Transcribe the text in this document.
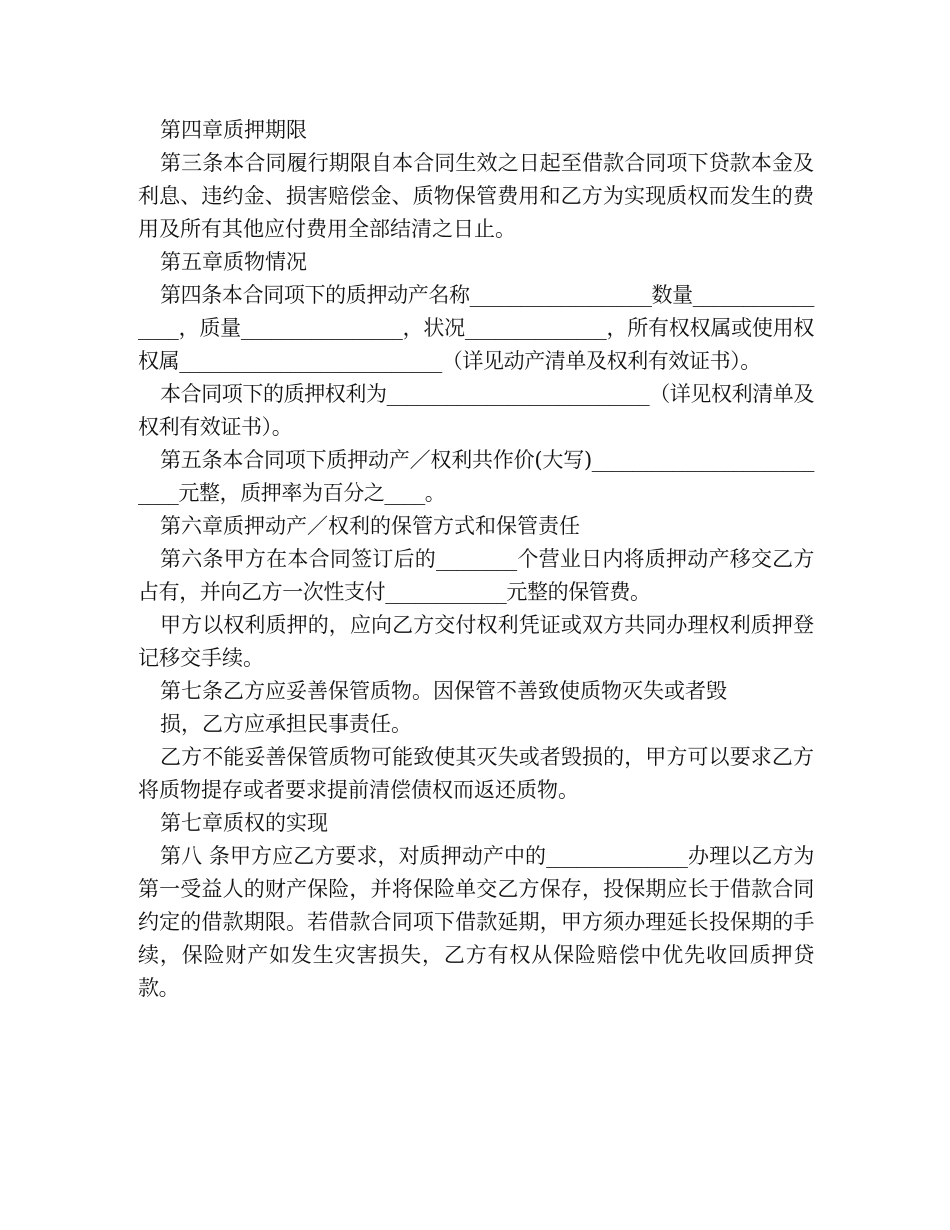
第四章质押期限

第三条本合同履行期限自本合同生效之日起至借款合同项下贷款本金及利息、违约金、损害赔偿金、质物保管费用和乙方为实现质权而发生的费用及所有其他应付费用全部结清之日止。

第五章质物情况

第四条本合同项下的质押动产名称__________________数量________________，质量________________，状况______________，所有权权属或使用权权属__________________________（详见动产清单及权利有效证书）。

本合同项下的质押权利为__________________________（详见权利清单及权利有效证书）。

第五条本合同项下质押动产／权利共作价(大写)__________________________元整，质押率为百分之____。

第六章质押动产／权利的保管方式和保管责任

第六条甲方在本合同签订后的________个营业日内将质押动产移交乙方占有，并向乙方一次性支付____________元整的保管费。

甲方以权利质押的，应向乙方交付权利凭证或双方共同办理权利质押登记移交手续。

第七条乙方应妥善保管质物。因保管不善致使质物灭失或者毁

损，乙方应承担民事责任。

乙方不能妥善保管质物可能致使其灭失或者毁损的，甲方可以要求乙方将质物提存或者要求提前清偿债权而返还质物。

第七章质权的实现

第八 条甲方应乙方要求，对质押动产中的______________办理以乙方为第一受益人的财产保险，并将保险单交乙方保存，投保期应长于借款合同约定的借款期限。若借款合同项下借款延期，甲方须办理延长投保期的手续，保险财产如发生灾害损失，乙方有权从保险赔偿中优先收回质押贷款。
